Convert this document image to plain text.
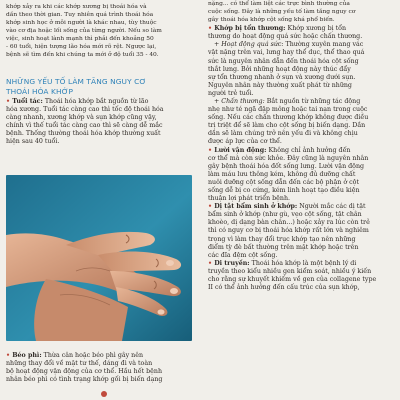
khớp xảy ra khi các khớp xương bị thoái hóa và

dần theo thời gian. Tuy nhiên quá trình thoái hóa

khớp sinh học ở mỗi người là khác nhau, tùy thuộc

vào cơ địa hoặc lối sống của từng người. Nếu so làm

việc, sinh hoạt lành mạnh thì phải đến khoảng 50

- 60 tuổi, hiện tượng lão hóa mới rõ rệt. Ngược lại,

bệnh sẽ tìm đến khi chúng ta mới ở độ tuổi 35 - 40.

NHỮNG YẾU TỐ LÀM TĂNG NGUY CƠ

THOÁI HÓA KHỚP

• Tuổi tác: Thoái hóa khớp bắt nguồn từ lão

hóa xương. Tuổi tác càng cao thì tốc độ thoái hóa

càng nhanh, xương khớp và sụn khớp cũng vậy,

chính vì thế tuổi tác càng cao thì sẽ càng dễ mắc

bệnh. Thống thường thoái hóa khớp thường xuất

hiện sau 40 tuổi.

• Béo phì: Thừa cân hoặc béo phì gây nên

những thay đổi về mặt tư thế, dáng đi và toàn

bộ hoạt động vận động của cơ thể. Hầu hết bệnh

nhân béo phì có tình trạng khớp gối bị biến dạng

nặng... có thể làm liệt các trực bình thường của

cuộc sống. Đây là những yếu tố làm tăng nguy cơ

gây thoái hóa khớp cột sống khá phổ biến.

• Khớp bị tổn thương: Khớp xương bị tổn

thương do hoạt động quá sức hoặc chấn thương.

+ Hoạt động quá sức: Thường xuyên mang vác

vật nặng trên vai, lưng hay thể dục, thể thao quá

sức là nguyên nhân dẫn đến thoái hóa cột sống

thắt lưng. Bởi những hoạt động này thúc đẩy

sự tổn thương nhanh ở sụn và xương dưới sụn.

Nguyên nhân này thường xuất phát từ những

người trẻ tuổi.

+ Chấn thương: Bắt nguồn từ những tác động

nhẹ như té ngã đập mông hoặc tai nạn trong cuộc

sống. Nếu các chấn thương khớp không được điều

trị triệt để sẽ làm cho cột sống bị biến dạng. Dần

dần sẽ làm chúng trở nên yếu đi và không chịu

được áp lực của cơ thể.

• Lười vận động: Không chỉ ảnh hưởng đến

cơ thể mà còn sức khỏe. Đây cũng là nguyên nhân

gây bệnh thoái hóa đốt sống lưng. Lười vận động

làm máu lưu thông kém, không đủ dưỡng chất

nuôi dưỡng cột sống dẫn đến các bộ phận ở cột

sống dễ bị co cứng, kém linh hoạt tạo điều kiện

thuận lợi phát triển bệnh.

• Dị tật bẩm sinh ở khớp: Người mắc các dị tật

bẩm sinh ở khớp (như gù, vẹo cột sống, tật chân

khoèo, dị dạng bàn chân...) hoặc xảy ra lúc còn trẻ

thì có nguy cơ bị thoái hóa khớp rất lớn và nghiêm

trọng vì làm thay đổi trục khớp tạo nên những

điểm tỳ đè bất thường trên mặt khớp hoặc trên

các đĩa đệm cột sống.

• Di truyền: Thoái hóa khớp là một bệnh lý di

truyền theo kiểu nhiều gen kiểm soát, nhiều ý kiến

cho rằng sự khuyết khiếm về gen của collagene type

II có thể ảnh hưởng đến cấu trúc của sụn khớp,
